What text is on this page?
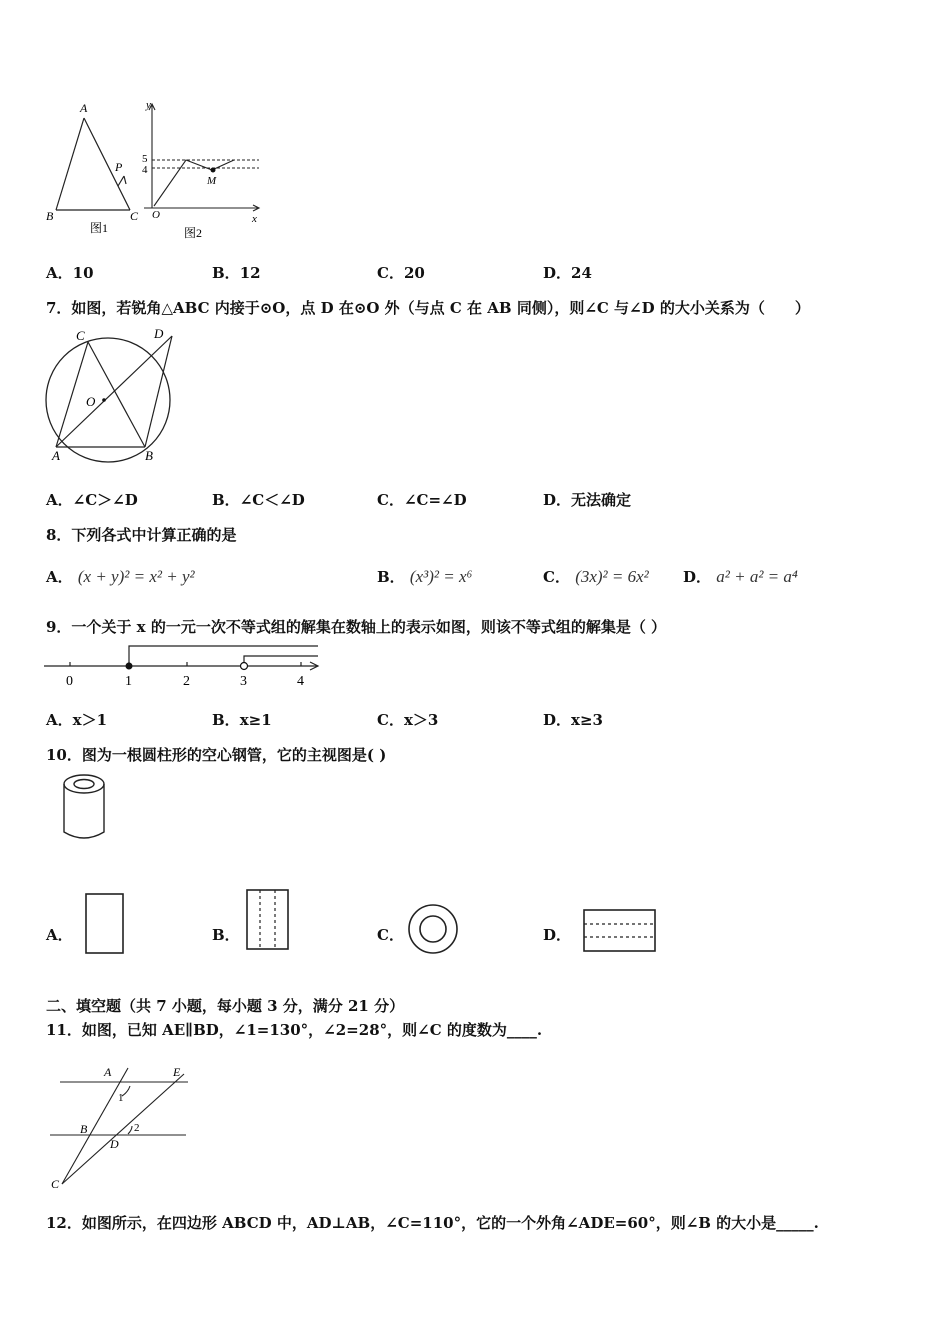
A
P
B	C
图1
y
5
4
M
O	x
图2
A．10	B．12	C．20	D．24
7．如图，若锐角△ABC 内接于⊙O，点 D 在⊙O 外（与点 C 在 AB 同侧），则∠C 与∠D 的大小关系为（　　）
C	D
O
A	B
A．∠C＞∠D	B．∠C＜∠D	C．∠C=∠D	D．无法确定
8．下列各式中计算正确的是
A． (x + y)² = x² + y²	B． (x³)² = x⁶	C． (3x)² = 6x² D． a² + a² = a⁴
9．一个关于 x 的一元一次不等式组的解集在数轴上的表示如图，则该不等式组的解集是（ ）
0	1	2	3	4
A．x＞1	B．x≥1	C．x＞3	D．x≥3
10．图为一根圆柱形的空心钢管，它的主视图是( )
A．	B．	C．	D．
二、填空题（共 7 小题，每小题 3 分，满分 21 分）
11．如图，已知 AE∥BD，∠1=130°，∠2=28°，则∠C 的度数为____.
A	E
1
B	2
D
C
12．如图所示，在四边形 ABCD 中，AD⊥AB，∠C=110°，它的一个外角∠ADE=60°，则∠B 的大小是_____.
